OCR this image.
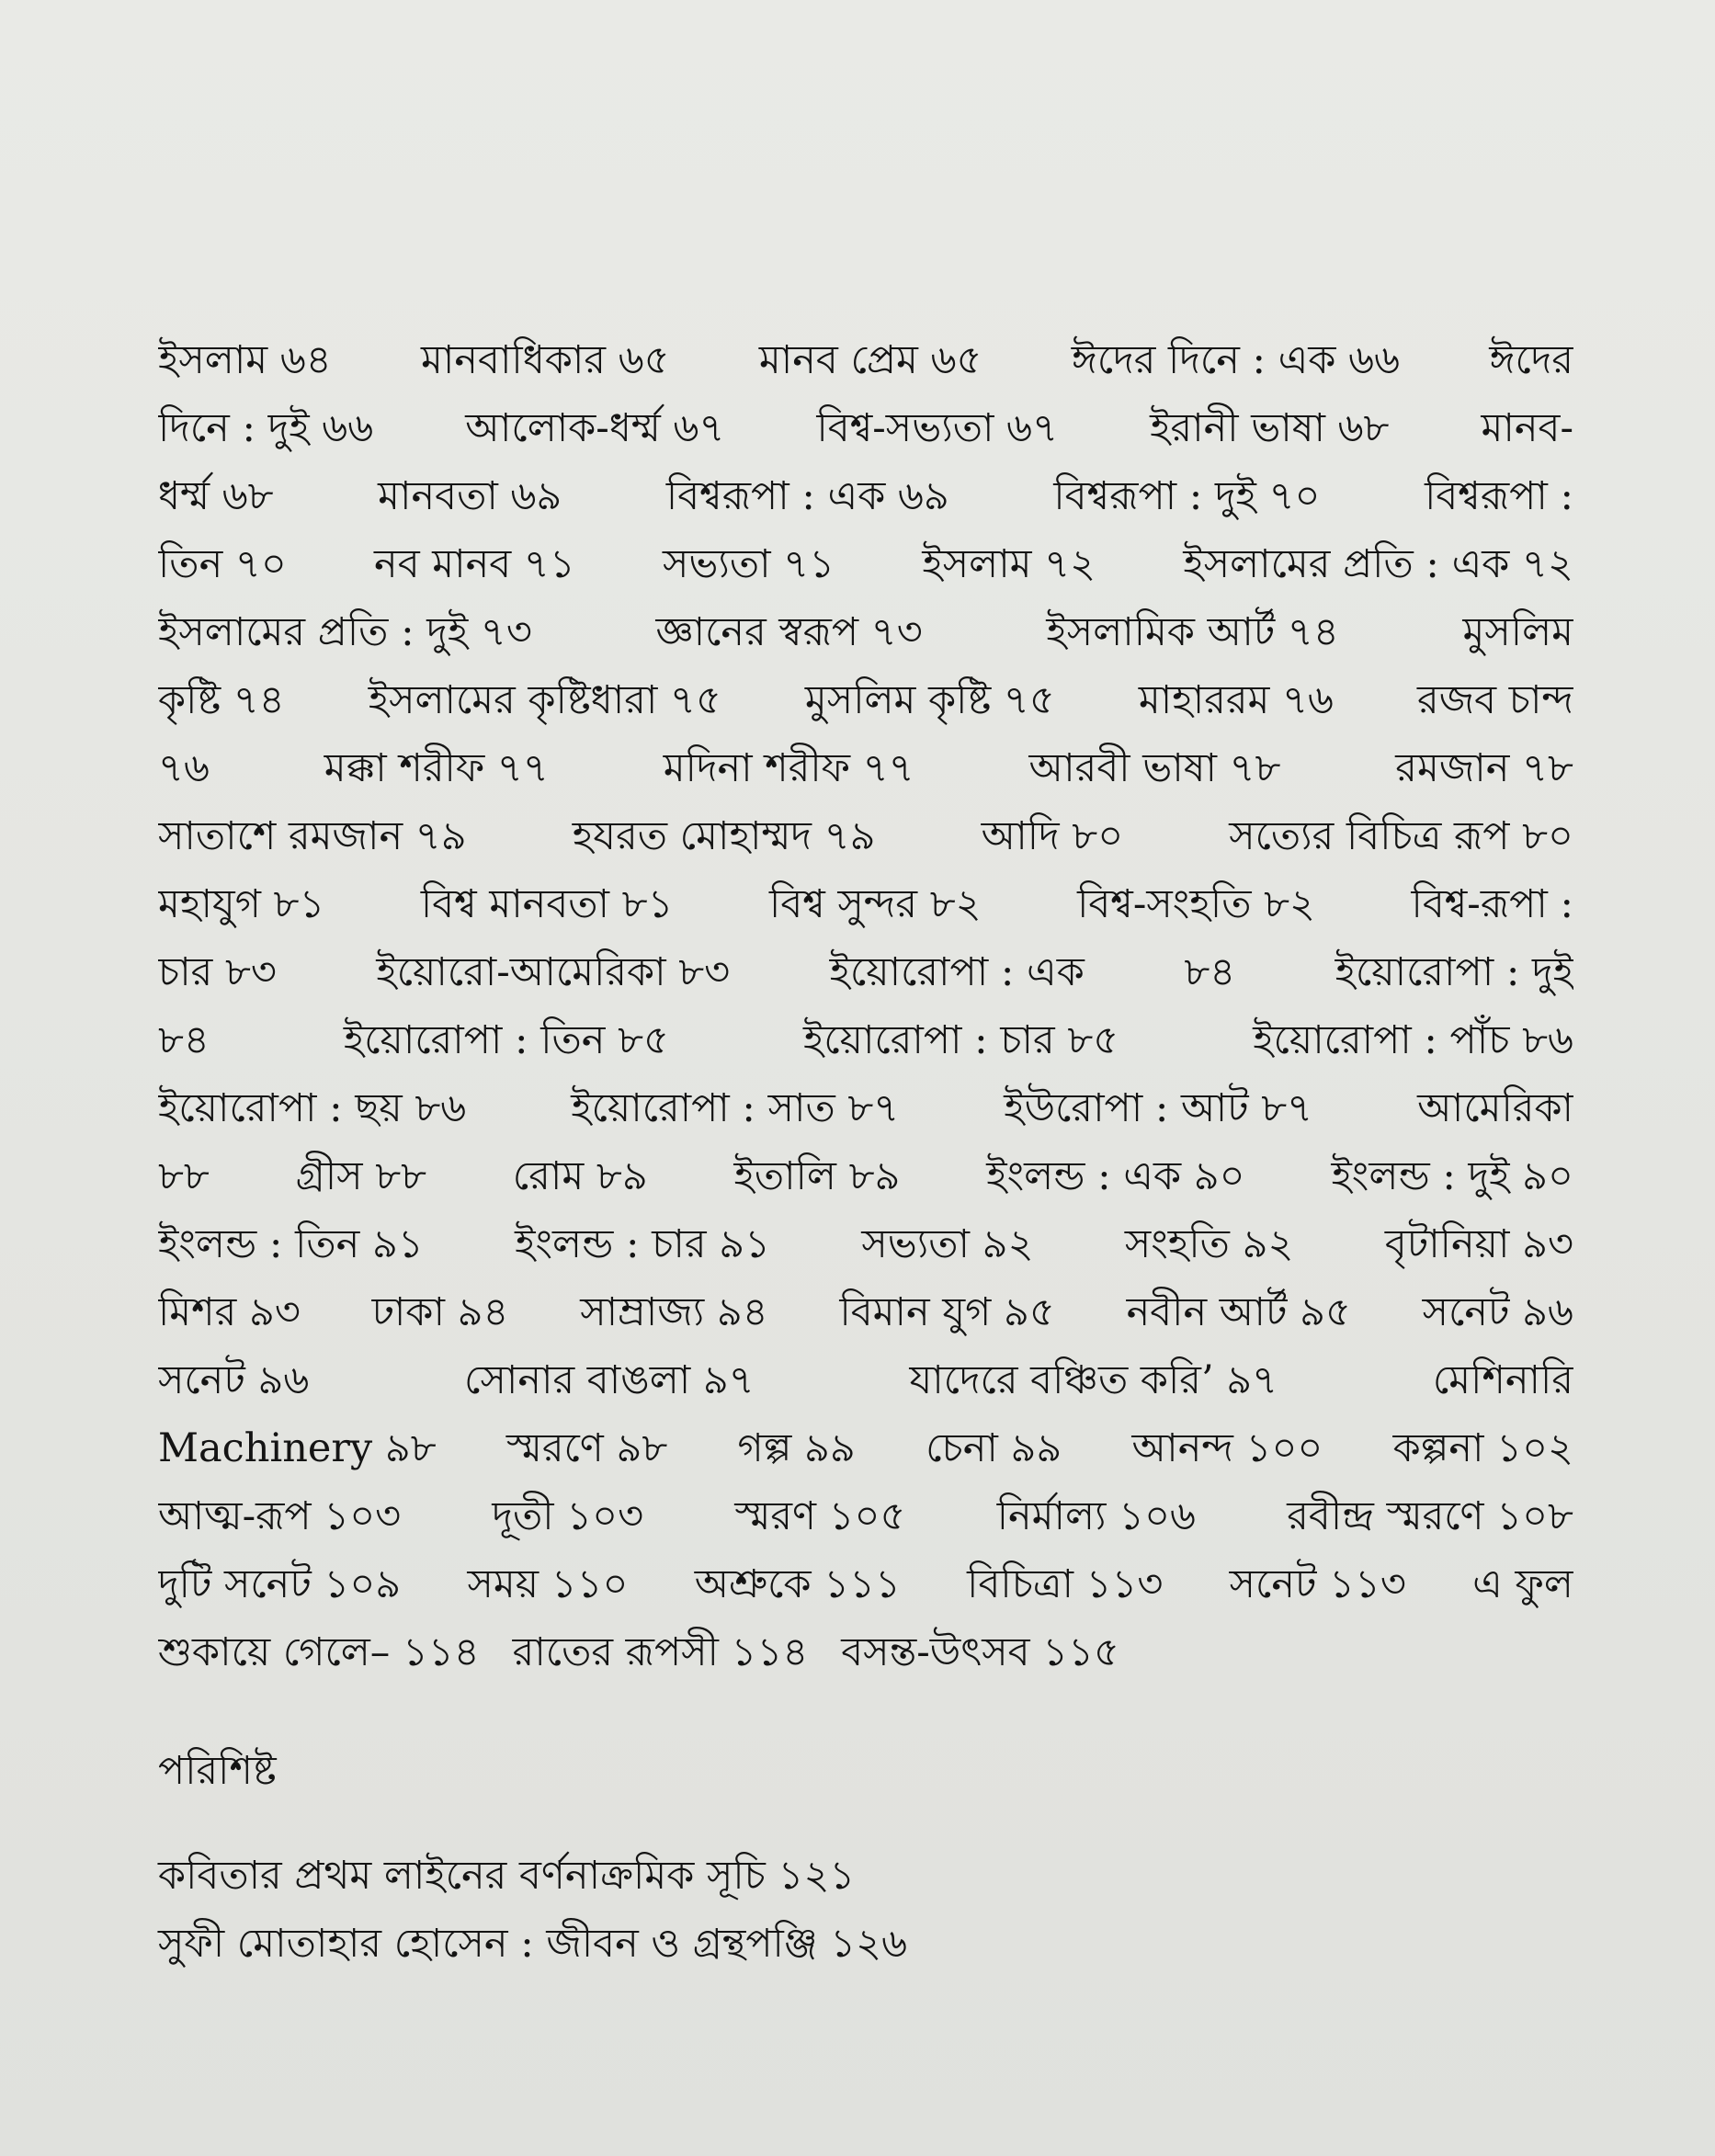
ইসলাম ৬৪ মানবাধিকার ৬৫ মানব প্রেম ৬৫ ঈদের দিনে : এক ৬৬ ঈদের
দিনে : দুই ৬৬ আলোক-ধর্ম্ম ৬৭ বিশ্ব-সভ্যতা ৬৭ ইরানী ভাষা ৬৮ মানব-
ধর্ম্ম ৬৮	মানবতা ৬৯	বিশ্বরূপা : এক ৬৯	বিশ্বরূপা : দুই ৭০	বিশ্বরূপা :
তিন ৭০ নব মানব ৭১ সভ্যতা ৭১ ইসলাম ৭২ ইসলামের প্রতি : এক ৭২
ইসলামের প্রতি : দুই ৭৩	জ্ঞানের স্বরূপ ৭৩	ইসলামিক আর্ট ৭৪	মুসলিম
কৃষ্টি ৭৪ ইসলামের কৃষ্টিধারা ৭৫ মুসলিম কৃষ্টি ৭৫ মাহাররম ৭৬ রজব চান্দ
৭৬	মক্কা শরীফ ৭৭	মদিনা শরীফ ৭৭	আরবী ভাষা ৭৮	রমজান ৭৮
সাতাশে রমজান ৭৯	হযরত মোহাম্মদ ৭৯	আদি ৮০	সত্যের বিচিত্র রূপ ৮০
মহাযুগ ৮১ বিশ্ব মানবতা ৮১ বিশ্ব সুন্দর ৮২ বিশ্ব-সংহতি ৮২ বিশ্ব-রূপা :
চার ৮৩	ইয়োরো-আমেরিকা ৮৩	ইয়োরোপা : এক	৮৪	ইয়োরোপা : দুই
৮৪	ইয়োরোপা : তিন ৮৫	ইয়োরোপা : চার ৮৫	ইয়োরোপা : পাঁচ ৮৬
ইয়োরোপা : ছয় ৮৬	ইয়োরোপা : সাত ৮৭	ইউরোপা : আট ৮৭	আমেরিকা
৮৮ গ্রীস ৮৮ রোম ৮৯ ইতালি ৮৯ ইংলন্ড : এক ৯০ ইংলন্ড : দুই ৯০
ইংলন্ড : তিন ৯১ ইংলন্ড : চার ৯১ সভ্যতা ৯২ সংহতি ৯২ বৃটানিয়া ৯৩
মিশর ৯৩ ঢাকা ৯৪ সাম্রাজ্য ৯৪ বিমান যুগ ৯৫ নবীন আর্ট ৯৫ সনেট ৯৬
সনেট ৯৬	সোনার বাঙলা ৯৭	যাদেরে বঞ্চিত করি’ ৯৭	মেশিনারি
Machinery ৯৮ স্মরণে ৯৮ গল্প ৯৯ চেনা ৯৯ আনন্দ ১০০ কল্পনা ১০২
আত্ম-রূপ ১০৩ দূতী ১০৩ স্মরণ ১০৫ নির্মাল্য ১০৬ রবীন্দ্র স্মরণে ১০৮
দুটি সনেট ১০৯ সময় ১১০ অশ্রুকে ১১১ বিচিত্রা ১১৩ সনেট ১১৩ এ ফুল
শুকায়ে গেলে– ১১৪ রাতের রূপসী ১১৪ বসন্ত-উৎসব ১১৫
পরিশিষ্ট
কবিতার প্রথম লাইনের বর্ণনাক্রমিক সূচি ১২১
সুফী মোতাহার হোসেন : জীবন ও গ্রন্থপঞ্জি ১২৬
